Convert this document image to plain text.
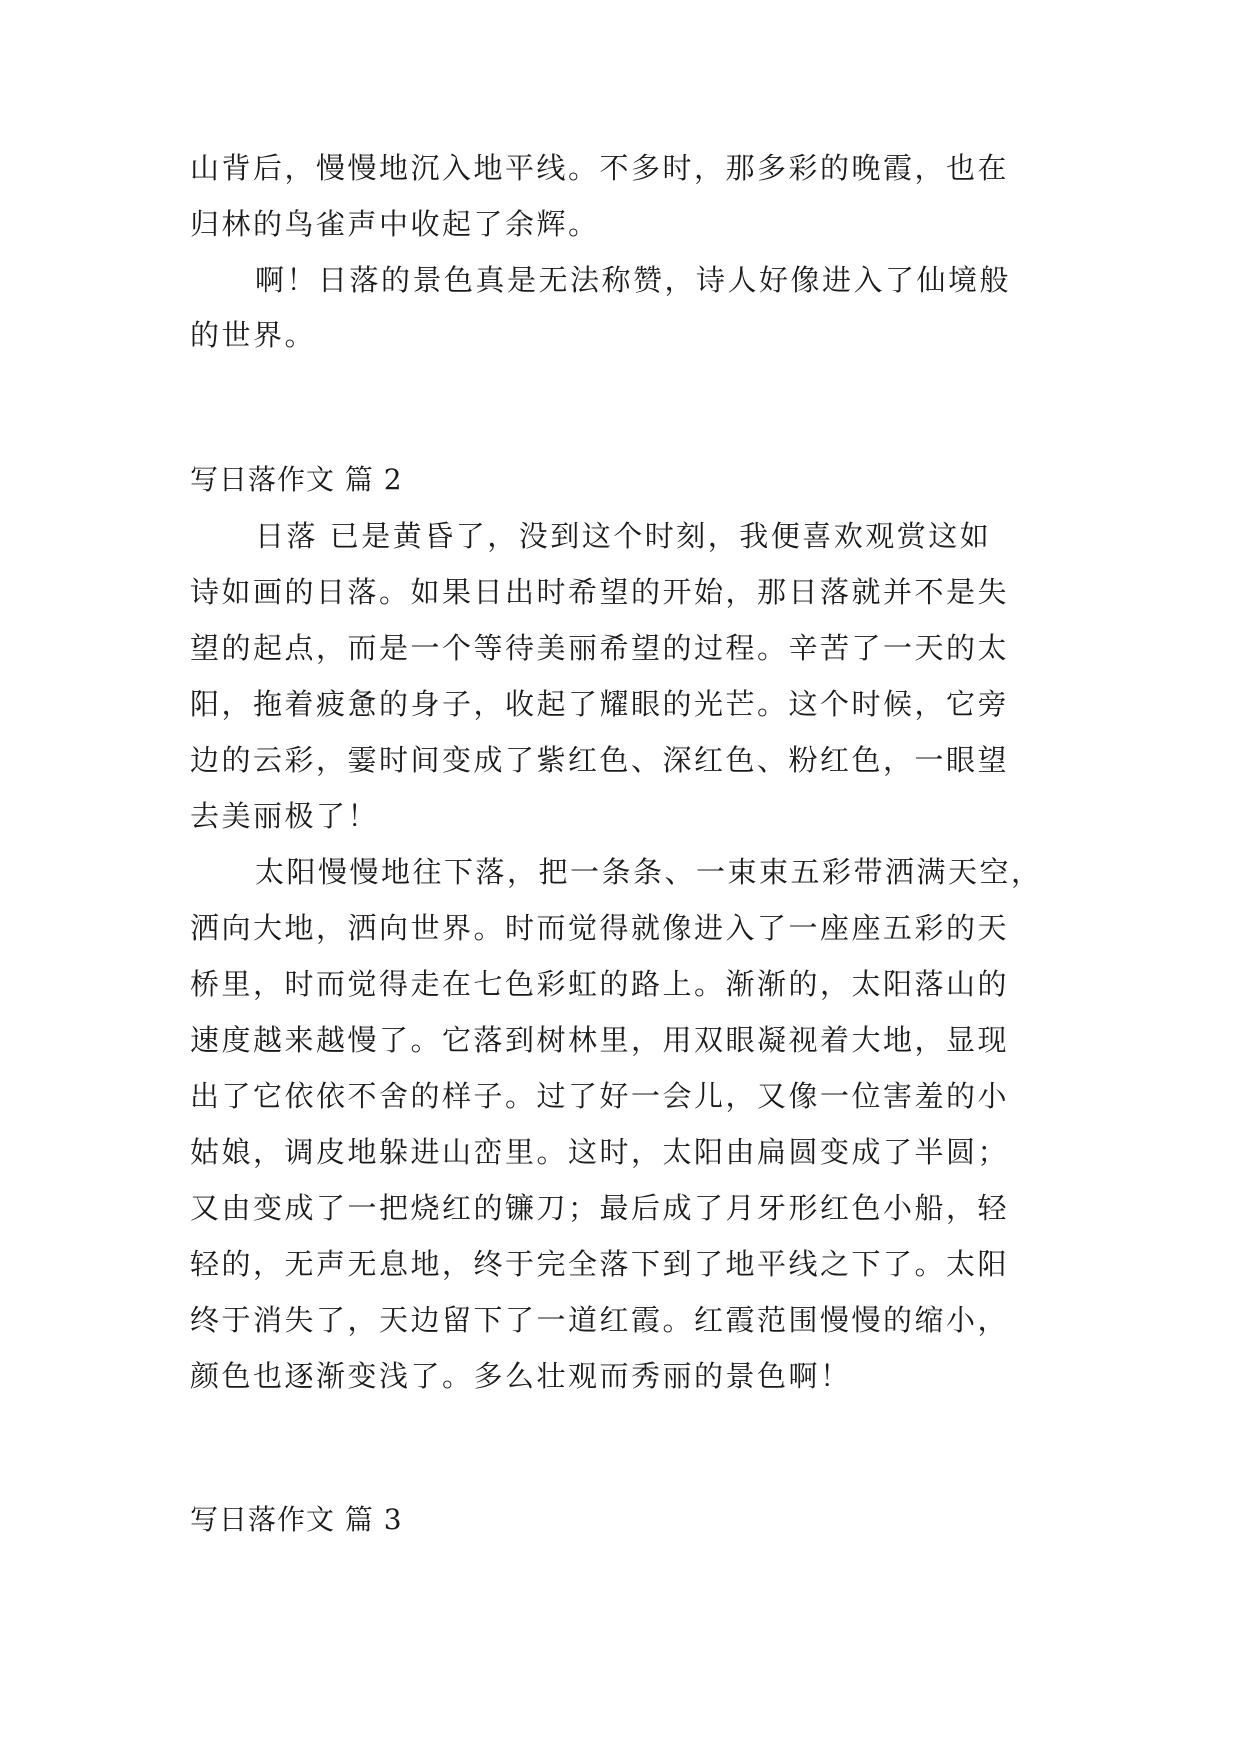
山背后，慢慢地沉入地平线。不多时，那多彩的晚霞，也在
归林的鸟雀声中收起了余辉。
啊！日落的景色真是无法称赞，诗人好像进入了仙境般
的世界。
写日落作文 篇 2
日落 已是黄昏了，没到这个时刻，我便喜欢观赏这如
诗如画的日落。如果日出时希望的开始，那日落就并不是失
望的起点，而是一个等待美丽希望的过程。辛苦了一天的太
阳，拖着疲惫的身子，收起了耀眼的光芒。这个时候，它旁
边的云彩，霎时间变成了紫红色、深红色、粉红色，一眼望
去美丽极了！
太阳慢慢地往下落，把一条条、一束束五彩带洒满天空，
洒向大地，洒向世界。时而觉得就像进入了一座座五彩的天
桥里，时而觉得走在七色彩虹的路上。渐渐的，太阳落山的
速度越来越慢了。它落到树林里，用双眼凝视着大地，显现
出了它依依不舍的样子。过了好一会儿，又像一位害羞的小
姑娘，调皮地躲进山峦里。这时，太阳由扁圆变成了半圆；
又由变成了一把烧红的镰刀；最后成了月牙形红色小船，轻
轻的，无声无息地，终于完全落下到了地平线之下了。太阳
终于消失了，天边留下了一道红霞。红霞范围慢慢的缩小，
颜色也逐渐变浅了。多么壮观而秀丽的景色啊！
写日落作文 篇 3
